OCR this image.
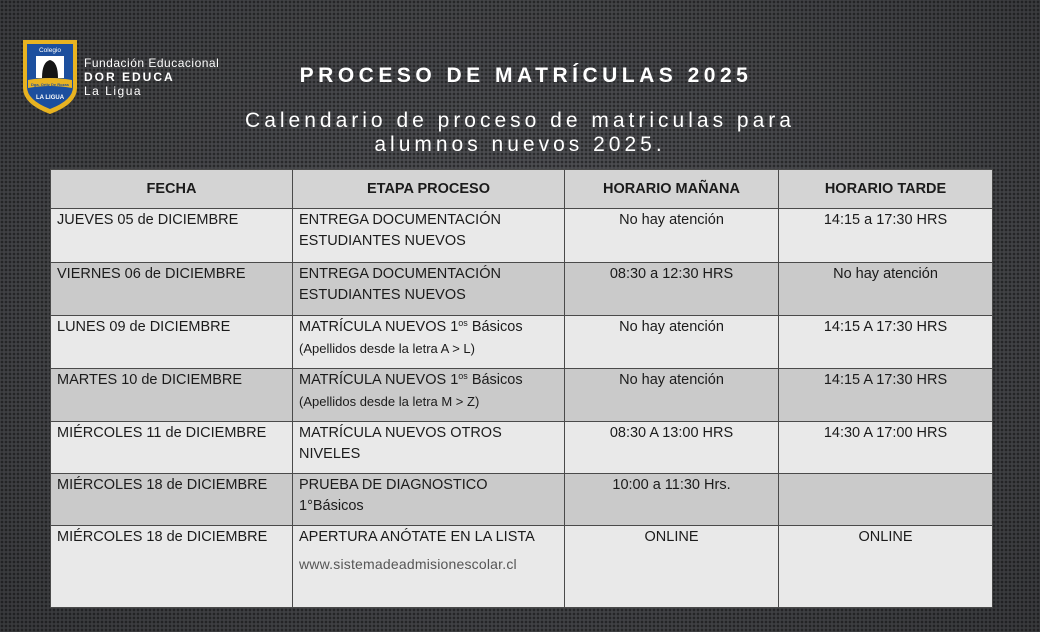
Colegio
Dga. Ortiz De Rozas
LA LIGUA
Fundación Educacional
DOR EDUCA
La Ligua
PROCESO DE MATRÍCULAS 2025
Calendario de proceso de matriculas para
alumnos nuevos 2025.
FECHA	ETAPA PROCESO	HORARIO MAÑANA	HORARIO TARDE
JUEVES 05 de DICIEMBRE	ENTREGA DOCUMENTACIÓN
ESTUDIANTES NUEVOS	No hay atención	14:15 a 17:30 HRS
VIERNES 06 de DICIEMBRE	ENTREGA DOCUMENTACIÓN
ESTUDIANTES NUEVOS	08:30 a 12:30 HRS	No hay atención
LUNES 09 de DICIEMBRE	MATRÍCULA NUEVOS $1^{os}$ Básicos
(Apellidos desde la letra A > L)	No hay atención	14:15 A 17:30 HRS
MARTES 10 de DICIEMBRE	MATRÍCULA NUEVOS $1^{os}$ Básicos
(Apellidos desde la letra M > Z)	No hay atención	14:15 A 17:30 HRS
MIÉRCOLES 11 de DICIEMBRE	MATRÍCULA NUEVOS OTROS
NIVELES	08:30 A 13:00 HRS	14:30 A 17:00 HRS
MIÉRCOLES 18 de DICIEMBRE	PRUEBA DE DIAGNOSTICO
1°Básicos	10:00 a 11:30 Hrs.	
MIÉRCOLES 18 de DICIEMBRE	APERTURA ANÓTATE EN LA LISTA
www.sistemadeadmisionescolar.cl	ONLINE	ONLINE
